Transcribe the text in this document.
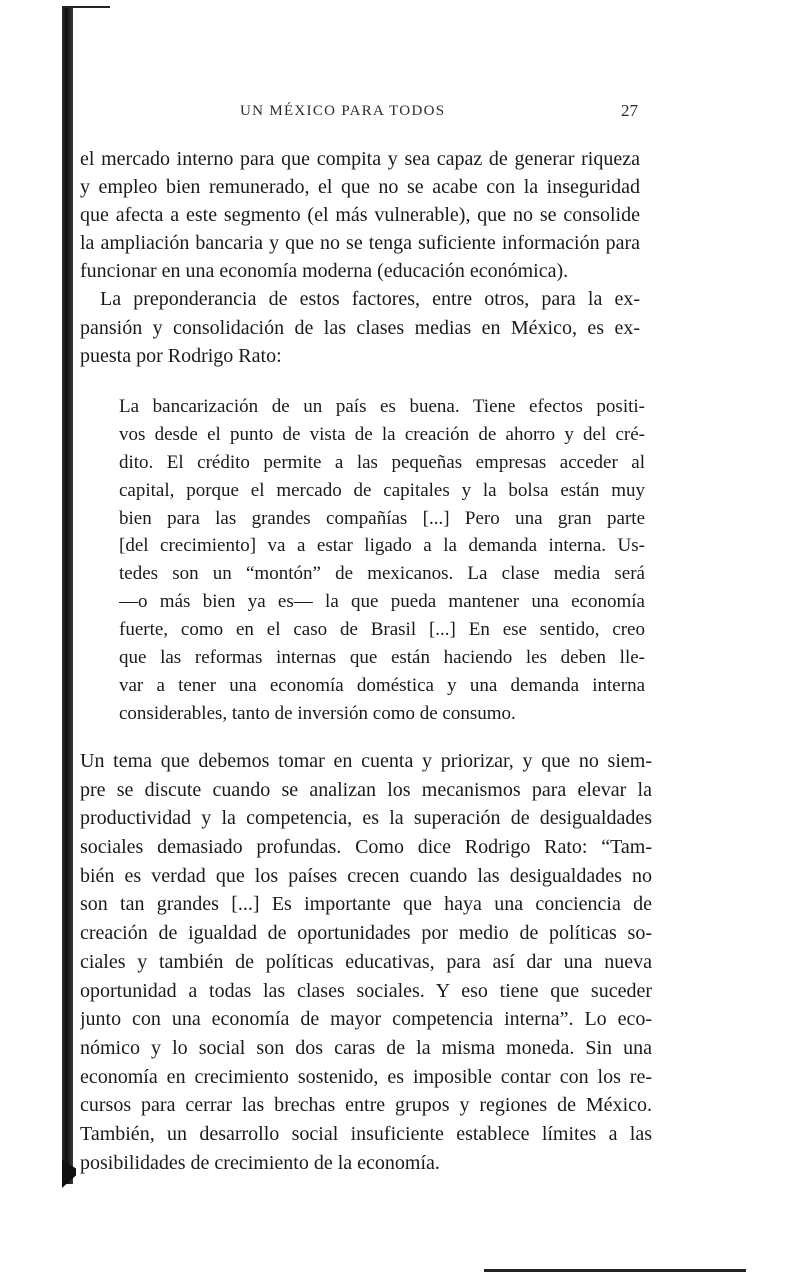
UN MÉXICO PARA TODOS	27
el mercado interno para que compita y sea capaz de generar riqueza
y empleo bien remunerado, el que no se acabe con la inseguridad
que afecta a este segmento (el más vulnerable), que no se consolide
la ampliación bancaria y que no se tenga suficiente información para
funcionar en una economía moderna (educación económica).
La preponderancia de estos factores, entre otros, para la ex-
pansión y consolidación de las clases medias en México, es ex-
puesta por Rodrigo Rato:
La bancarización de un país es buena. Tiene efectos positi-
vos desde el punto de vista de la creación de ahorro y del cré-
dito. El crédito permite a las pequeñas empresas acceder al
capital, porque el mercado de capitales y la bolsa están muy
bien para las grandes compañías [...] Pero una gran parte
[del crecimiento] va a estar ligado a la demanda interna. Us-
tedes son un “montón” de mexicanos. La clase media será
—o más bien ya es— la que pueda mantener una economía
fuerte, como en el caso de Brasil [...] En ese sentido, creo
que las reformas internas que están haciendo les deben lle-
var a tener una economía doméstica y una demanda interna
considerables, tanto de inversión como de consumo.
Un tema que debemos tomar en cuenta y priorizar, y que no siem-
pre se discute cuando se analizan los mecanismos para elevar la
productividad y la competencia, es la superación de desigualdades
sociales demasiado profundas. Como dice Rodrigo Rato: “Tam-
bién es verdad que los países crecen cuando las desigualdades no
son tan grandes [...] Es importante que haya una conciencia de
creación de igualdad de oportunidades por medio de políticas so-
ciales y también de políticas educativas, para así dar una nueva
oportunidad a todas las clases sociales. Y eso tiene que suceder
junto con una economía de mayor competencia interna”. Lo eco-
nómico y lo social son dos caras de la misma moneda. Sin una
economía en crecimiento sostenido, es imposible contar con los re-
cursos para cerrar las brechas entre grupos y regiones de México.
También, un desarrollo social insuficiente establece límites a las
posibilidades de crecimiento de la economía.
